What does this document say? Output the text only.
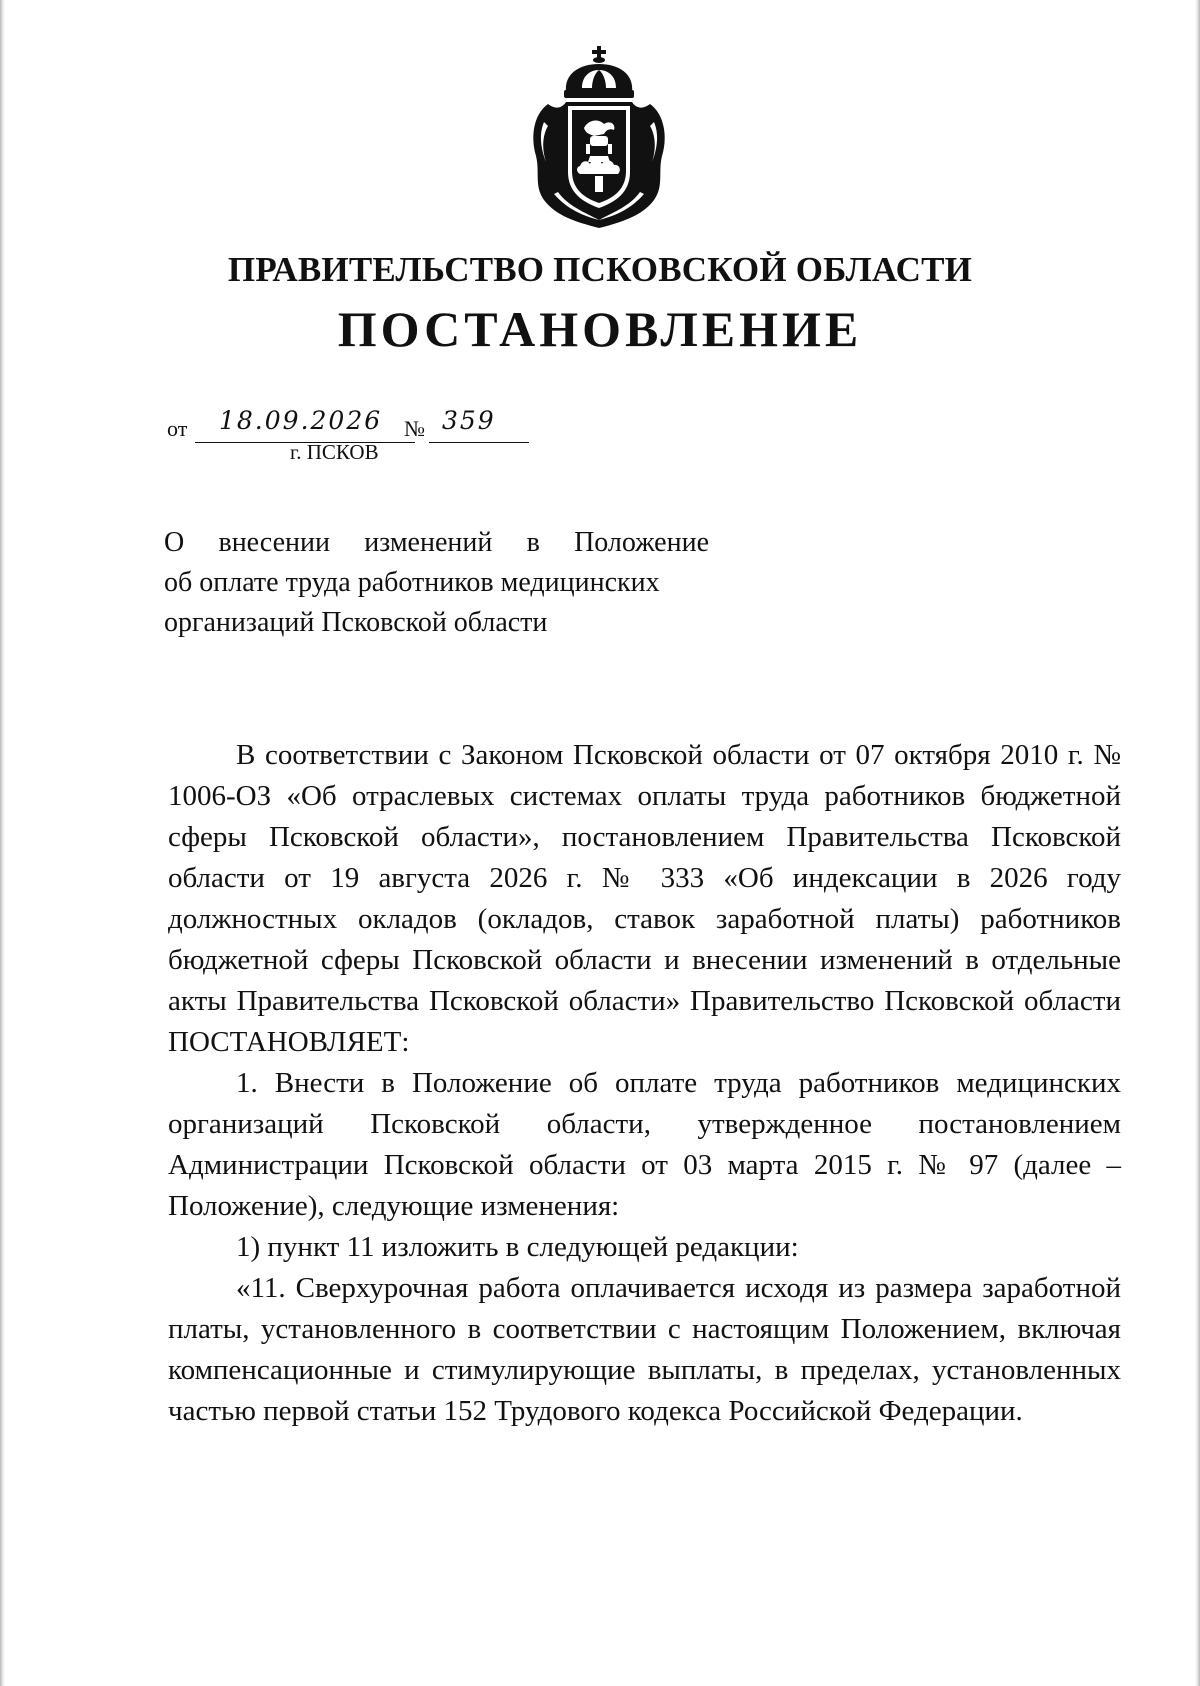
ПРАВИТЕЛЬСТВО ПСКОВСКОЙ ОБЛАСТИ
ПОСТАНОВЛЕНИЕ
от 18.09.2026 № 359
г. ПСКОВ
О внесении изменений в Положение
об оплате труда работников медицинских
организаций Псковской области

В соответствии с Законом Псковской области от 07 октября 2010 г. № 1006-ОЗ «Об отраслевых системах оплаты труда работников бюджетной сферы Псковской области», постановлением Правительства Псковской области от 19 августа 2026 г. № 333 «Об индексации в 2026 году должностных окладов (окладов, ставок заработной платы) работников бюджетной сферы Псковской области и внесении изменений в отдельные акты Правительства Псковской области» Правительство Псковской области ПОСТАНОВЛЯЕТ:

1. Внести в Положение об оплате труда работников медицинских организаций Псковской области, утвержденное постановлением Администрации Псковской области от 03 марта 2015 г. № 97 (далее – Положение), следующие изменения:

1) пункт 11 изложить в следующей редакции:

«11. Сверхурочная работа оплачивается исходя из размера заработной платы, установленного в соответствии с настоящим Положением, включая компенсационные и стимулирующие выплаты, в пределах, установленных частью первой статьи 152 Трудового кодекса Российской Федерации.
